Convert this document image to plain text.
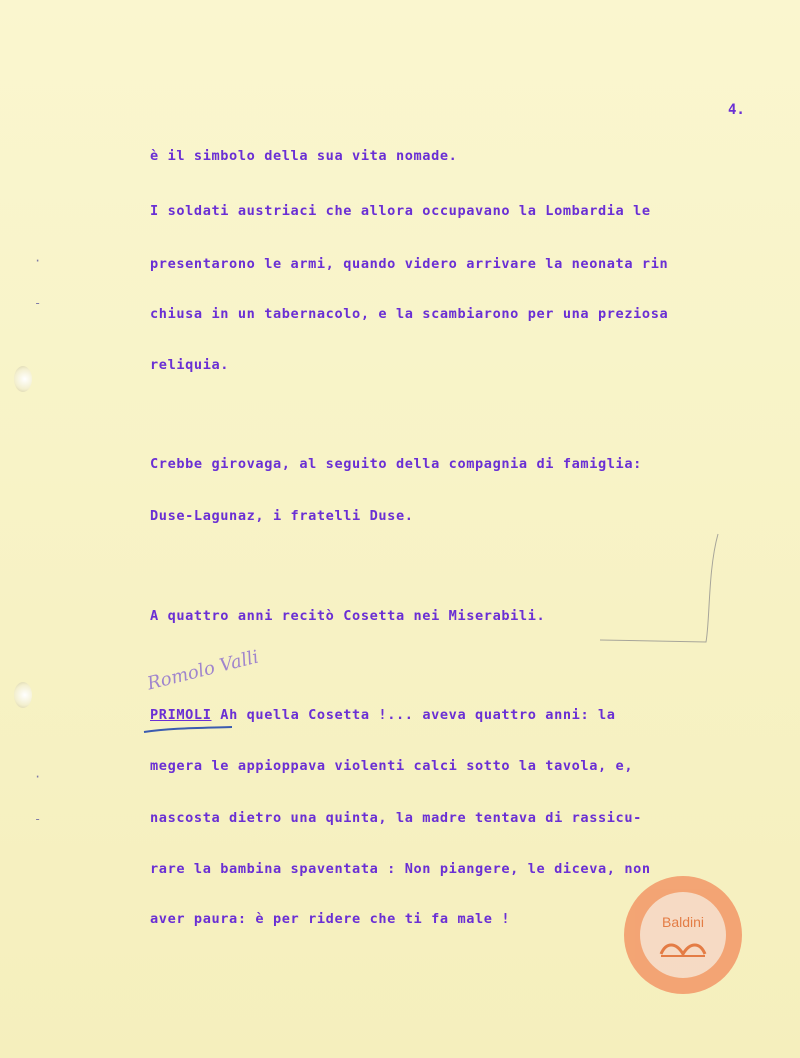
4.
·
-
·
-
è il simbolo della sua vita nomade.
I soldati austriaci che allora occupavano la Lombardia le
presentarono le armi, quando videro arrivare la neonata rin
chiusa in un tabernacolo, e la scambiarono per una preziosa
reliquia.
Crebbe girovaga, al seguito della compagnia di famiglia:
Duse-Lagunaz, i fratelli Duse.
A quattro anni recitò Cosetta nei Miserabili.
Romolo Valli
PRIMOLI Ah quella Cosetta !... aveva quattro anni: la
megera le appioppava violenti calci sotto la tavola, e,
nascosta dietro una quinta, la madre tentava di rassicu-
rare la bambina spaventata : Non piangere, le diceva, non
aver paura: è per ridere che ti fa male !	Baldini
